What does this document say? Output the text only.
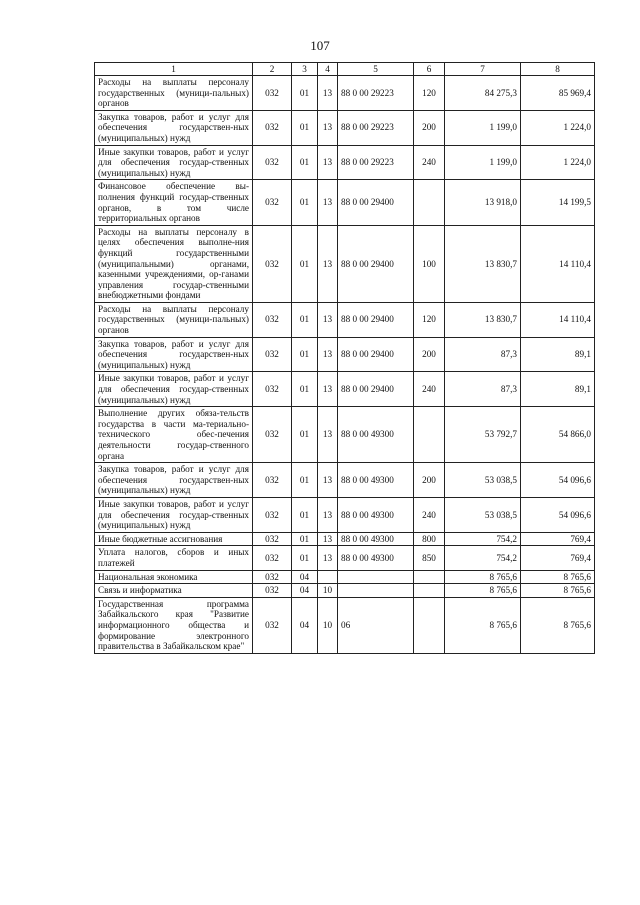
107
1	2	3	4	5	6	7	8
Расходы на выплаты персоналу государственных (муници-пальных) органов	032	01	13	88 0 00 29223	120	84 275,3	85 969,4
Закупка товаров, работ и услуг для обеспечения государствен-ных (муниципальных) нужд	032	01	13	88 0 00 29223	200	1 199,0	1 224,0
Иные закупки товаров, работ и услуг для обеспечения государ-ственных (муниципальных) нужд	032	01	13	88 0 00 29223	240	1 199,0	1 224,0
Финансовое обеспечение вы-полнения функций государ-ственных органов, в том числе территориальных органов	032	01	13	88 0 00 29400		13 918,0	14 199,5
Расходы на выплаты персоналу в целях обеспечения выполне-ния функций государственными (муниципальными) органами, казенными учреждениями, ор-ганами управления государ-ственными внебюджетными фондами	032	01	13	88 0 00 29400	100	13 830,7	14 110,4
Расходы на выплаты персоналу государственных (муници-пальных) органов	032	01	13	88 0 00 29400	120	13 830,7	14 110,4
Закупка товаров, работ и услуг для обеспечения государствен-ных (муниципальных) нужд	032	01	13	88 0 00 29400	200	87,3	89,1
Иные закупки товаров, работ и услуг для обеспечения государ-ственных (муниципальных) нужд	032	01	13	88 0 00 29400	240	87,3	89,1
Выполнение других обяза-тельств государства в части ма-териально-технического обес-печения деятельности государ-ственного органа	032	01	13	88 0 00 49300		53 792,7	54 866,0
Закупка товаров, работ и услуг для обеспечения государствен-ных (муниципальных) нужд	032	01	13	88 0 00 49300	200	53 038,5	54 096,6
Иные закупки товаров, работ и услуг для обеспечения государ-ственных (муниципальных) нужд	032	01	13	88 0 00 49300	240	53 038,5	54 096,6
Иные бюджетные ассигнования	032	01	13	88 0 00 49300	800	754,2	769,4
Уплата налогов, сборов и иных платежей	032	01	13	88 0 00 49300	850	754,2	769,4
Национальная экономика	032	04				8 765,6	8 765,6
Связь и информатика	032	04	10			8 765,6	8 765,6
Государственная программа Забайкальского края "Развитие информационного общества и формирование электронного правительства в Забайкальском крае"	032	04	10	06		8 765,6	8 765,6
